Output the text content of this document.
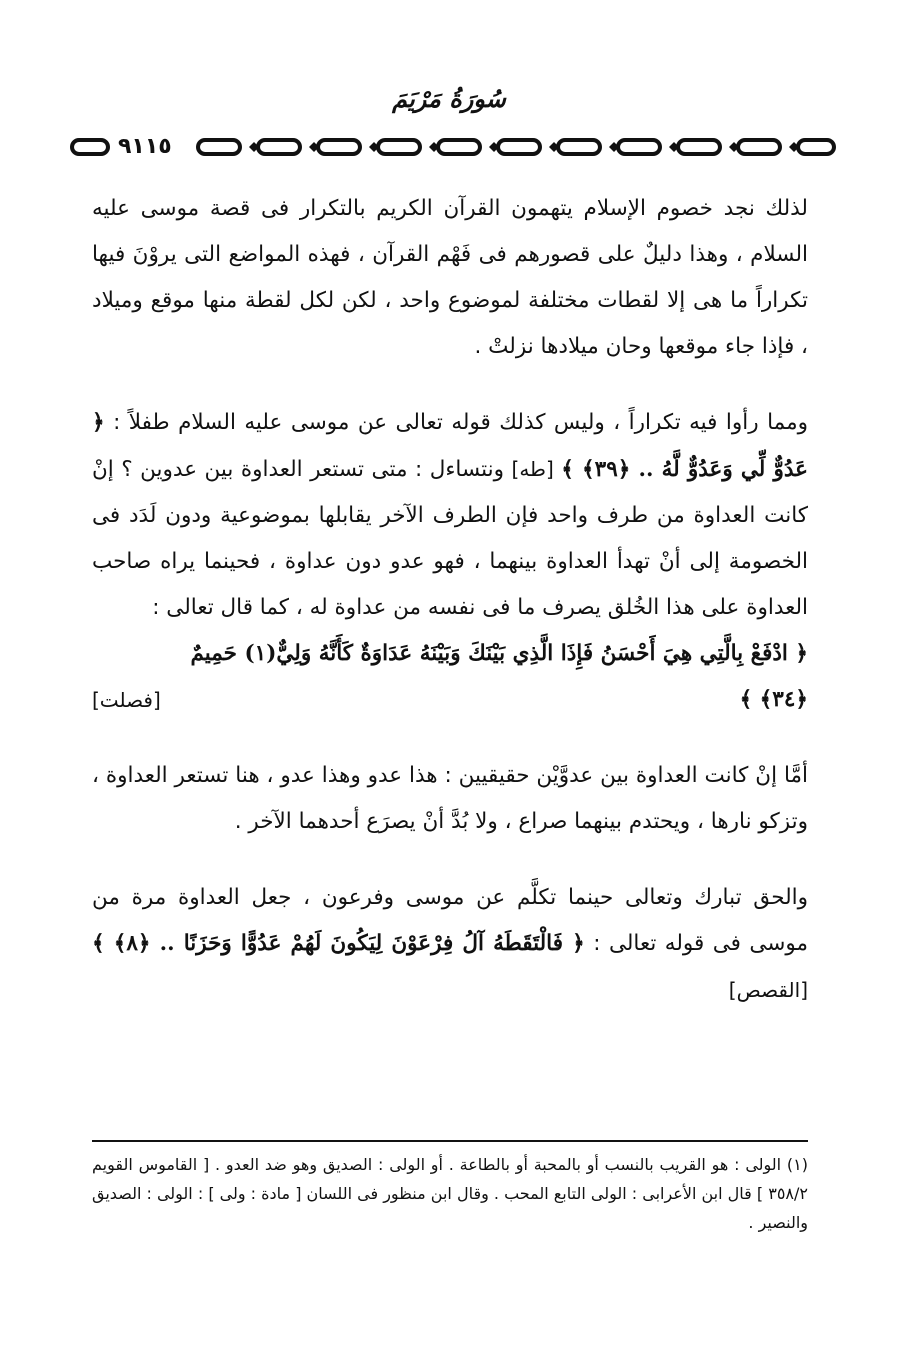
سُورَةُ مَرْيَمَ
٩١١٥

لذلك نجد خصوم الإسلام يتهمون القرآن الكريم بالتكرار فى قصة موسى عليه السلام ، وهذا دليلٌ على قصورهم فى فَهْم القرآن ، فهذه المواضع التى يروْنَ فيها تكراراً ما هى إلا لقطات مختلفة لموضوع واحد ، لكن لكل لقطة منها موقع وميلاد ، فإذا جاء موقعها وحان ميلادها نزلتْ .

ومما رأوا فيه تكراراً ، وليس كذلك قوله تعالى عن موسى عليه السلام طفلاً : ﴿ عَدُوٌّ لِّي وَعَدُوٌّ لَّهُ .. ﴿٣٩﴾ ﴾ [طه] ونتساءل : متى تستعر العداوة بين عدوين ؟ إنْ كانت العداوة من طرف واحد فإن الطرف الآخر يقابلها بموضوعية ودون لَدَد فى الخصومة إلى أنْ تهدأ العداوة بينهما ، فهو عدو دون عداوة ، فحينما يراه صاحب العداوة على هذا الخُلق يصرف ما فى نفسه من عداوة له ، كما قال تعالى :

﴿ ادْفَعْ بِالَّتِي هِيَ أَحْسَنُ فَإِذَا الَّذِي بَيْنَكَ وَبَيْنَهُ عَدَاوَةٌ كَأَنَّهُ وَلِيٌّ(١) حَمِيمٌ

﴿٣٤﴾ ﴾
[فصلت]

أمَّا إنْ كانت العداوة بين عدوَّيْن حقيقيين : هذا عدو وهذا عدو ، هنا تستعر العداوة ، وتزكو نارها ، ويحتدم بينهما صراع ، ولا بُدَّ أنْ يصرَع أحدهما الآخر .

والحق تبارك وتعالى حينما تكلَّم عن موسى وفرعون ، جعل العداوة مرة من موسى فى قوله تعالى : ﴿ فَالْتَقَطَهُ آلُ فِرْعَوْنَ لِيَكُونَ لَهُمْ عَدُوًّا وَحَزَنًا .. ﴿٨﴾ ﴾ [القصص]

(١) الولى : هو القريب بالنسب أو بالمحبة أو بالطاعة . أو الولى : الصديق وهو ضد العدو . [ القاموس القويم ٣٥٨/٢ ] قال ابن الأعرابى : الولى التابع المحب . وقال ابن منظور فى اللسان [ مادة : ولى ] : الولى : الصديق والنصير .
